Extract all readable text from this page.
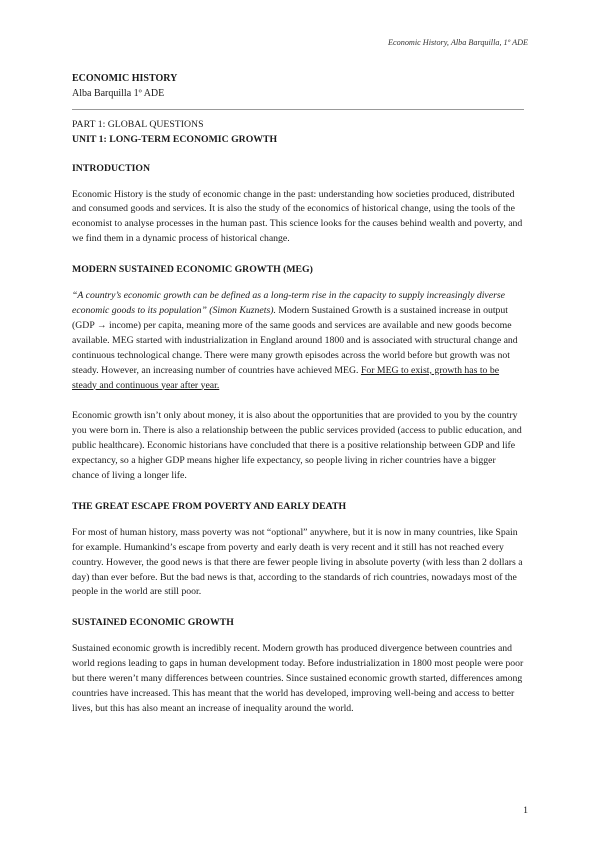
Economic History, Alba Barquilla, 1º ADE
ECONOMIC HISTORY
Alba Barquilla 1º ADE
PART 1: GLOBAL QUESTIONS
UNIT 1: LONG-TERM ECONOMIC GROWTH
INTRODUCTION

Economic History is the study of economic change in the past: understanding how societies produced, distributed and consumed goods and services. It is also the study of the economics of historical change, using the tools of the economist to analyse processes in the human past. This science looks for the causes behind wealth and poverty, and we find them in a dynamic process of historical change.

MODERN SUSTAINED ECONOMIC GROWTH (MEG)

“A country’s economic growth can be defined as a long-term rise in the capacity to supply increasingly diverse economic goods to its population” (Simon Kuznets). Modern Sustained Growth is a sustained increase in output (GDP → income) per capita, meaning more of the same goods and services are available and new goods become available. MEG started with industrialization in England around 1800 and is associated with structural change and continuous technological change. There were many growth episodes across the world before but growth was not steady. However, an increasing number of countries have achieved MEG. For MEG to exist, growth has to be steady and continuous year after year.

Economic growth isn’t only about money, it is also about the opportunities that are provided to you by the country you were born in. There is also a relationship between the public services provided (access to public education, and public healthcare). Economic historians have concluded that there is a positive relationship between GDP and life expectancy, so a higher GDP means higher life expectancy, so people living in richer countries have a bigger chance of living a longer life.

THE GREAT ESCAPE FROM POVERTY AND EARLY DEATH

For most of human history, mass poverty was not “optional” anywhere, but it is now in many countries, like Spain for example. Humankind’s escape from poverty and early death is very recent and it still has not reached every country. However, the good news is that there are fewer people living in absolute poverty (with less than 2 dollars a day) than ever before. But the bad news is that, according to the standards of rich countries, nowadays most of the people in the world are still poor.

SUSTAINED ECONOMIC GROWTH

Sustained economic growth is incredibly recent. Modern growth has produced divergence between countries and world regions leading to gaps in human development today. Before industrialization in 1800 most people were poor but there weren’t many differences between countries. Since sustained economic growth started, differences among countries have increased. This has meant that the world has developed, improving well-being and access to better lives, but this has also meant an increase of inequality around the world.

1
